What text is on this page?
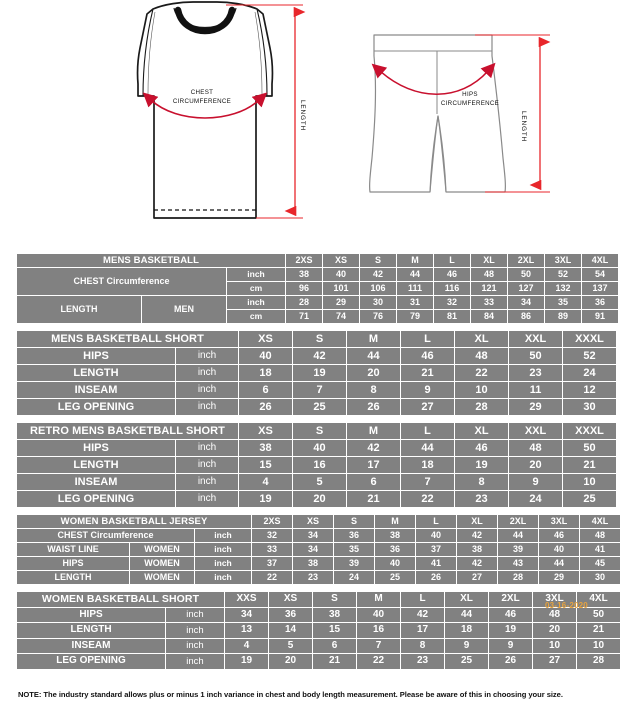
CHEST
CIRCUMFERENCE	LENGTH
HIPS
CIRCUMFERENCE
LENGTH
MENS BASKETBALL			2XS	XS	S	M	L	XL	2XL	3XL	4XL
CHEST Circumference		inch	38	40	42	44	46	48	50	52	54
		cm	96	101	106	111	116	121	127	132	137
LENGTH	MEN	inch	28	29	30	31	32	33	34	35	36
		cm	71	74	76	79	81	84	86	89	91
MENS BASKETBALL SHORT		XS	S	M	L	XL	XXL	XXXL
HIPS	inch	40	42	44	46	48	50	52
LENGTH	inch	18	19	20	21	22	23	24
INSEAM	inch	6	7	8	9	10	11	12
LEG OPENING	inch	26	25	26	27	28	29	30
RETRO MENS BASKETBALL SHORT		XS	S	M	L	XL	XXL	XXXL
HIPS	inch	38	40	42	44	46	48	50
LENGTH	inch	15	16	17	18	19	20	21
INSEAM	inch	4	5	6	7	8	9	10
LEG OPENING	inch	19	20	21	22	23	24	25
WOMEN BASKETBALL JERSEY			2XS	XS	S	M	L	XL	2XL	3XL	4XL
CHEST Circumference		inch	32	34	36	38	40	42	44	46	48
WAIST LINE	WOMEN	inch	33	34	35	36	37	38	39	40	41
HIPS	WOMEN	inch	37	38	39	40	41	42	43	44	45
LENGTH	WOMEN	inch	22	23	24	25	26	27	28	29	30
WOMEN BASKETBALL SHORT		XXS	XS	S	M	L	XL	2XL	3XL	4XL
HIPS	inch	34	36	38	40	42	44	46	48	50
LENGTH	inch	13	14	15	16	17	18	19	20	21
INSEAM	inch	4	5	6	7	8	9	9	10	10
LEG OPENING	inch	19	20	21	22	23	25	26	27	28
03-16-2020
NOTE: The industry standard allows plus or minus 1 inch variance in chest and body length measurement. Please be aware of this in choosing your size.
